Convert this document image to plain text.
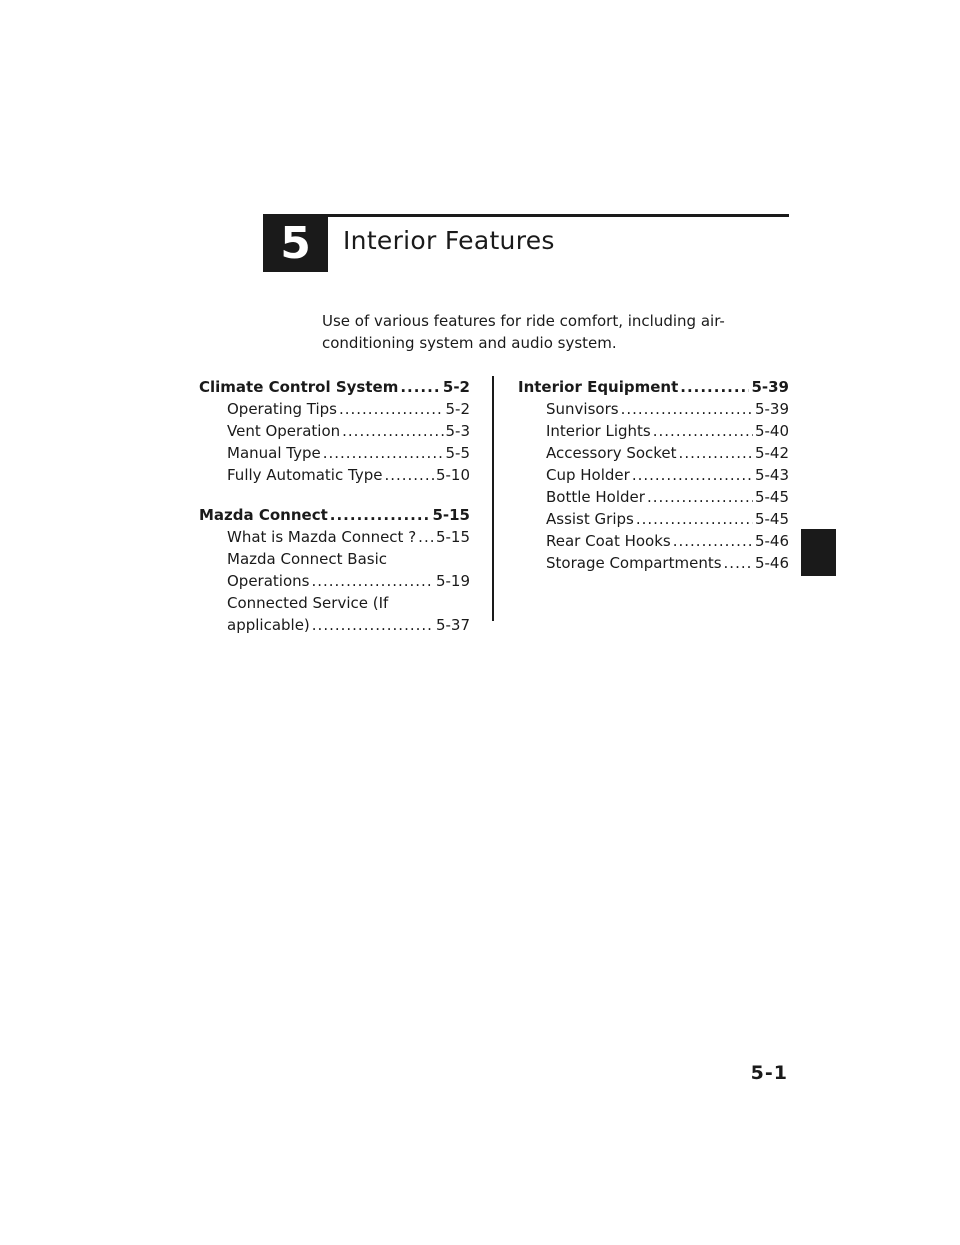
5	Interior Features
Use of various features for ride comfort, including air-
conditioning system and audio system.
Climate Control System .....	5-2
Operating Tips .....	5-2
Vent Operation .....	5-3
Manual Type .....	5-5
Fully Automatic Type .....	5-10
Mazda Connect .....	5-15
What is Mazda Connect ? ..... 5-15
Mazda Connect Basic
Operations .....	5-19
Connected Service (If
applicable) .....	5-37
Interior Equipment .....	5-39
Sunvisors .....	5-39
Interior Lights .....	5-40
Accessory Socket .....	5-42
Cup Holder .....	5-43
Bottle Holder .....	5-45
Assist Grips .....	5-45
Rear Coat Hooks .....	5-46
Storage Compartments ..... 5-46
5-1
